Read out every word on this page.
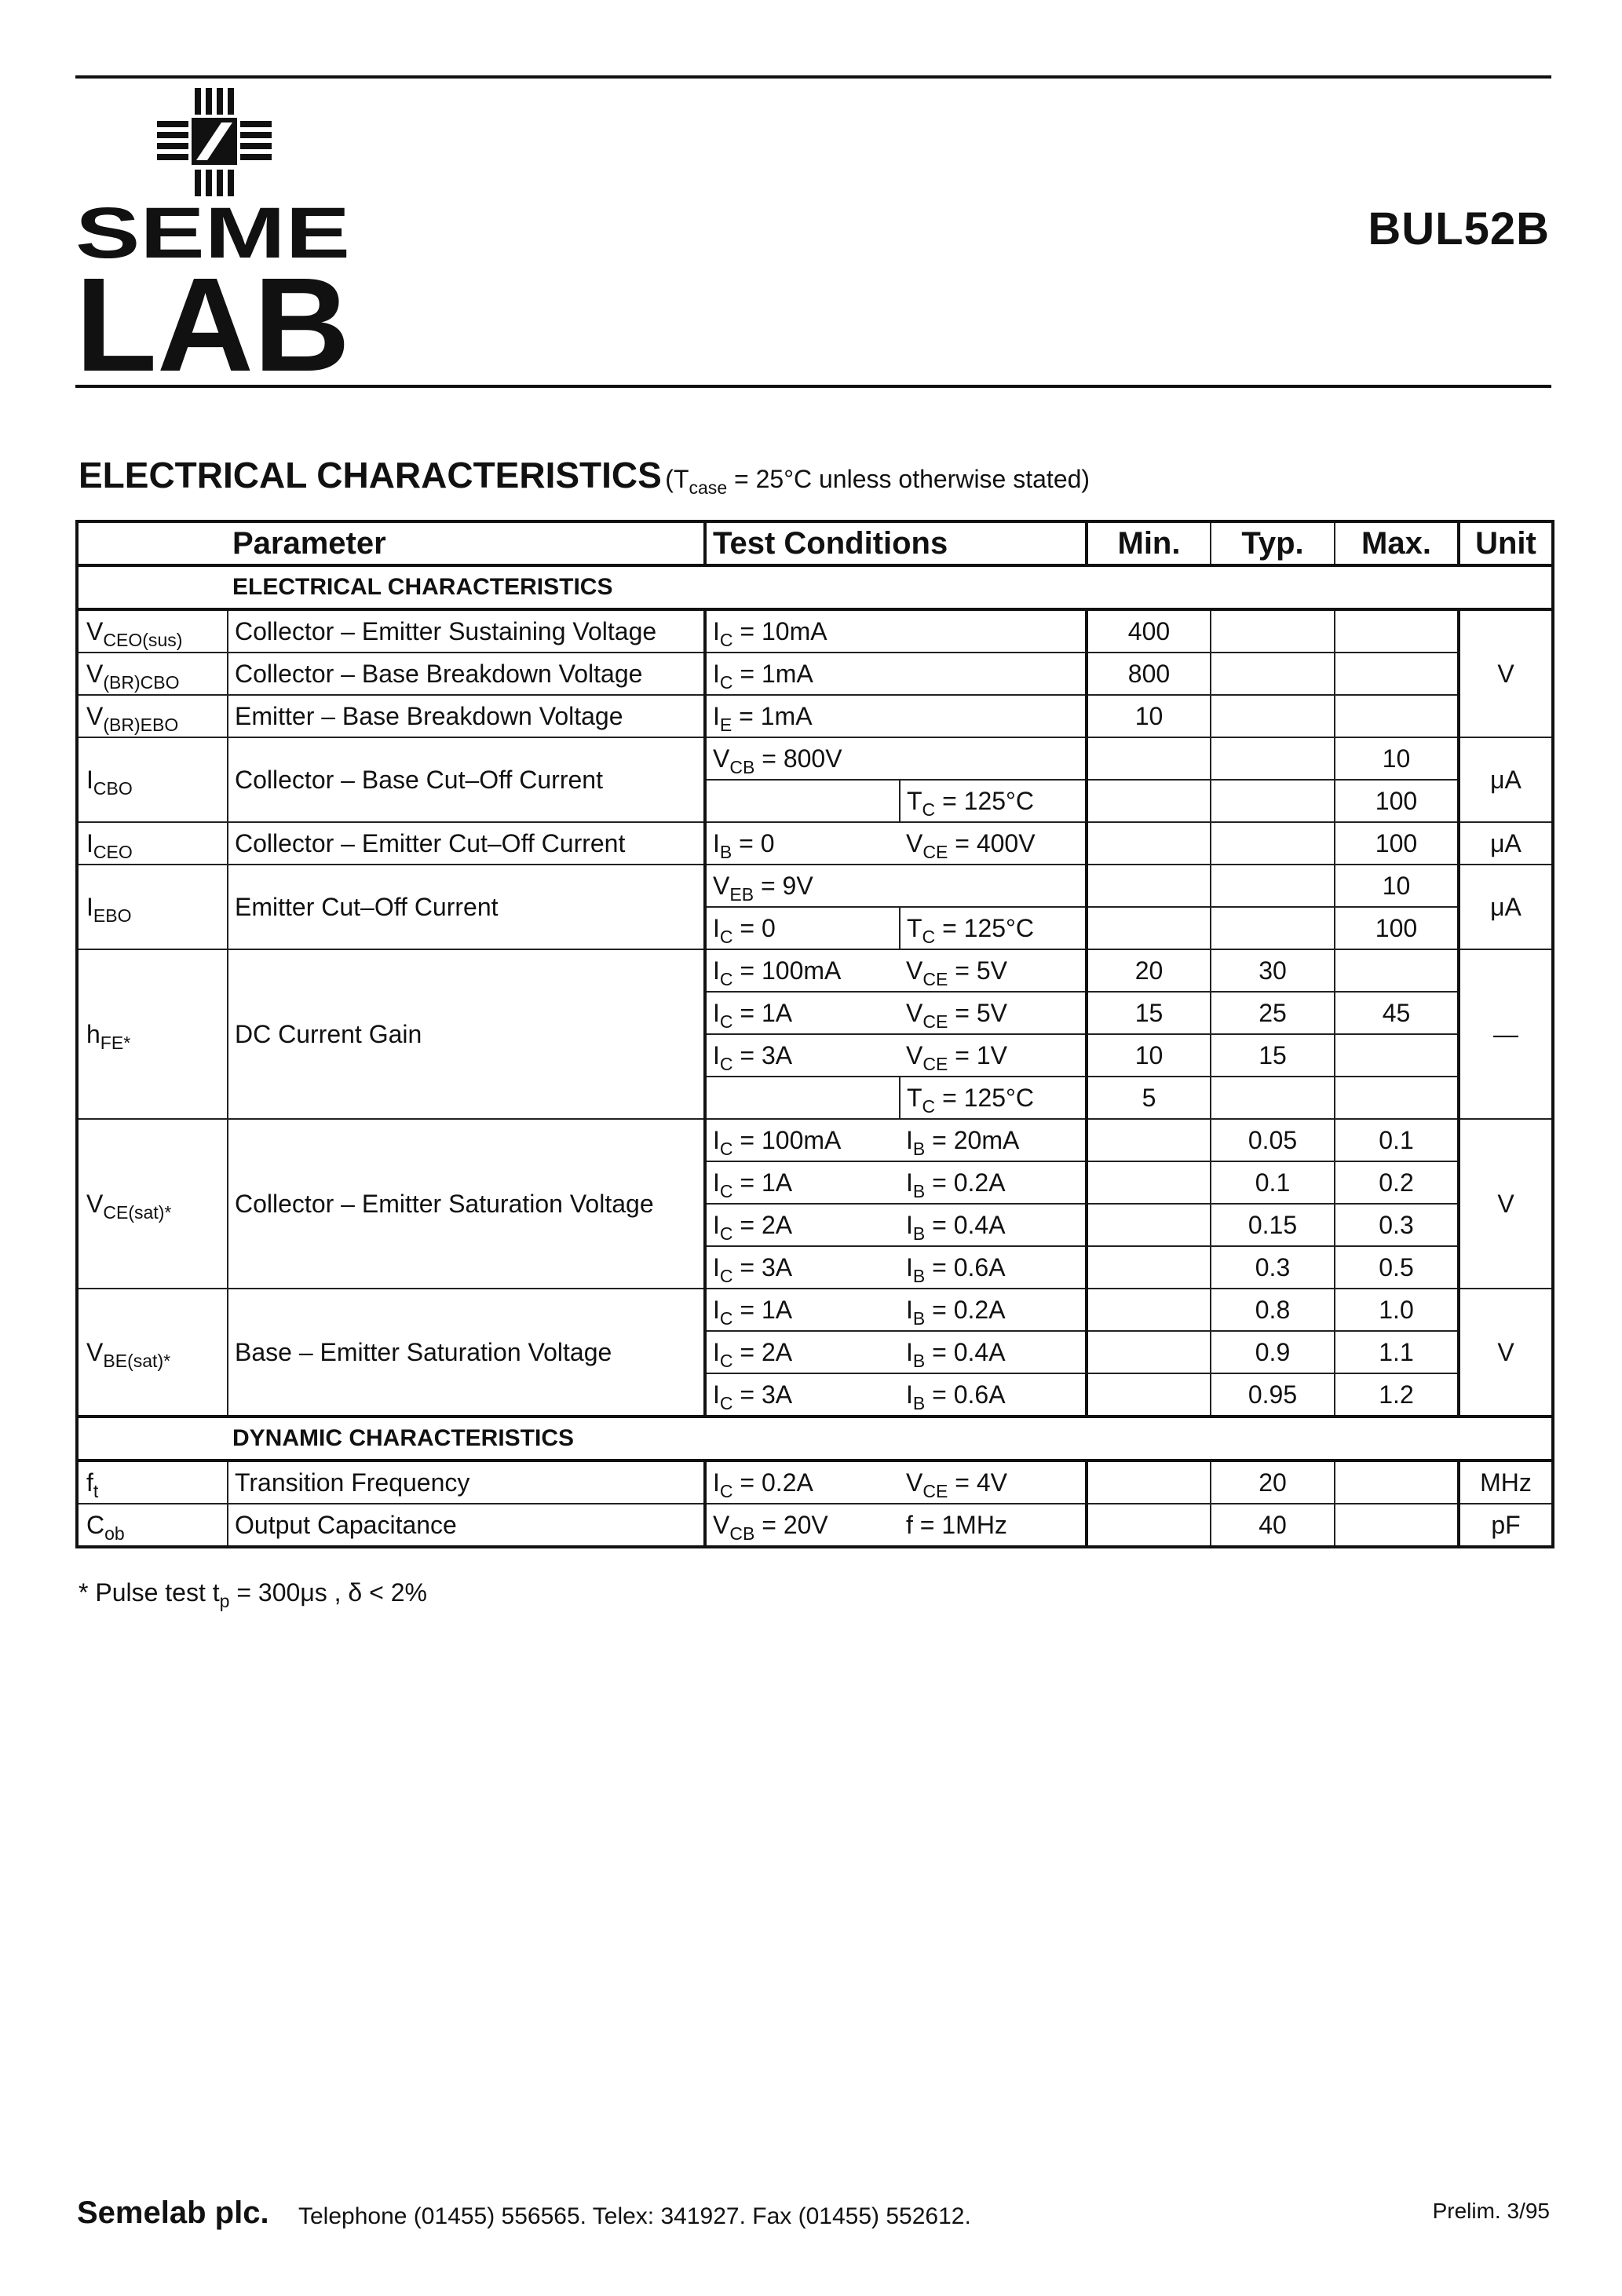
SEME
LAB
BUL52B
ELECTRICAL CHARACTERISTICS ($T_{case} = 25^\circ C$ unless otherwise stated)
Parameter		Test Conditions		Min.	Typ.	Max.	Unit
ELECTRICAL CHARACTERISTICS							
$V_{CEO(sus)}$	Collector – Emitter Sustaining Voltage	$I_C = 10mA$		400			V
$V_{(BR)CBO}$	Collector – Base Breakdown Voltage	$I_C = 1mA$		800			
$V_{(BR)EBO}$	Emitter – Base Breakdown Voltage	$I_E = 1mA$		10			
$I_{CBO}$	Collector – Base Cut–Off Current	$V_{CB} = 800V$				10	μA
			$T_C = 125^\circ C$			100	
$I_{CEO}$	Collector – Emitter Cut–Off Current	$I_B = 0$	$V_{CE} = 400V$			100	μA
$I_{EBO}$	Emitter Cut–Off Current	$V_{EB} = 9V$				10	μA
		$I_C = 0$	$T_C = 125^\circ C$			100	
$h_{FE*}$	DC Current Gain	$I_C = 100mA$	$V_{CE} = 5V$	20	30		—
		$I_C = 1A$	$V_{CE} = 5V$	15	25	45	
		$I_C = 3A$	$V_{CE} = 1V$	10	15		
			$T_C = 125^\circ C$	5			
$V_{CE(sat)*}$	Collector – Emitter Saturation Voltage	$I_C = 100mA$	$I_B = 20mA$		0.05	0.1	V
		$I_C = 1A$	$I_B = 0.2A$		0.1	0.2	
		$I_C = 2A$	$I_B = 0.4A$		0.15	0.3	
		$I_C = 3A$	$I_B = 0.6A$		0.3	0.5	
$V_{BE(sat)*}$	Base – Emitter Saturation Voltage	$I_C = 1A$	$I_B = 0.2A$		0.8	1.0	V
		$I_C = 2A$	$I_B = 0.4A$		0.9	1.1	
		$I_C = 3A$	$I_B = 0.6A$		0.95	1.2	
DYNAMIC CHARACTERISTICS							
$f_t$	Transition Frequency	$I_C = 0.2A$	$V_{CE} = 4V$		20		MHz
$C_{ob}$	Output Capacitance	$V_{CB} = 20V$	f = 1MHz		40		pF
* Pulse test $t_p = 300\mu s$ , δ < 2%
Semelab plc. Telephone (01455) 556565. Telex: 341927. Fax (01455) 552612.	Prelim. 3/95
